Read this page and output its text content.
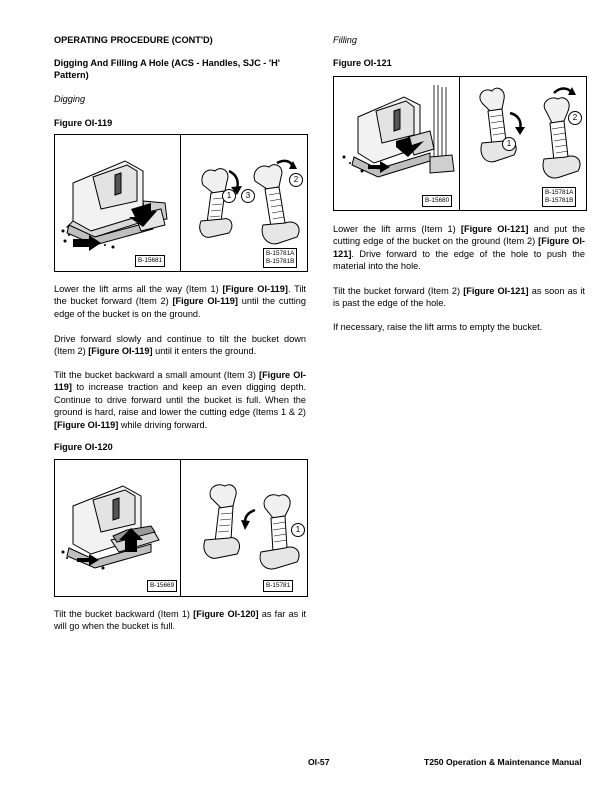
OPERATING PROCEDURE (CONT'D)
Digging And Filling A Hole (ACS - Handles, SJC - 'H' Pattern)
Digging
Figure OI-119
1	3
2
B-15681
B-15781A
B-15781B

Lower the lift arms all the way (Item 1) [Figure OI-119]. Tilt the bucket forward (Item 2) [Figure OI-119] until the cutting edge of the bucket is on the ground.

Drive forward slowly and continue to tilt the bucket down (Item 2) [Figure OI-119] until it enters the ground.

Tilt the bucket backward a small amount (Item 3) [Figure OI-119] to increase traction and keep an even digging depth. Continue to drive forward until the bucket is full. When the ground is hard, raise and lower the cutting edge (Items 1 & 2) [Figure OI-119] while driving forward.

Figure OI-120
1
B-15669	B-15781

Tilt the bucket backward (Item 1) [Figure OI-120] as far as it will go when the bucket is full.

Filling
Figure OI-121
1
2
B-15680
B-15781A
B-15781B

Lower the lift arms (Item 1) [Figure OI-121] and put the cutting edge of the bucket on the ground (Item 2) [Figure OI-121]. Drive forward to the edge of the hole to push the material into the hole.

Tilt the bucket forward (Item 2) [Figure OI-121] as soon as it is past the edge of the hole.

If necessary, raise the lift arms to empty the bucket.

OI-57	T250 Operation & Maintenance Manual
